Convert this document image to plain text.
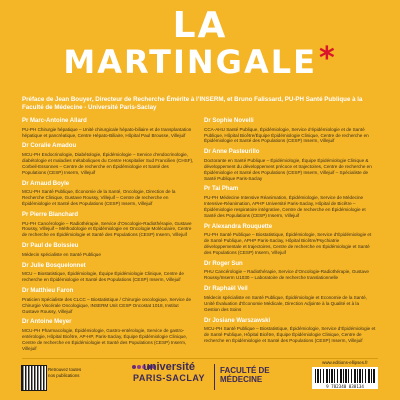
LA
MARTINGALE*
Préface de Jean Bouyer, Directeur de Recherche Émérite à l’INSERM, et Bruno Falissard, PU-PH Santé Publique à la Faculté de Médecine - Université Paris-Saclay
Pr Marc-Antoine Allard
PU-PH Chirurgie hépatique – Unité chirurgicale hépato-biliaire et de transplantation hépatique et pancréatique, Centre Hépato-Biliaire, Hôpital Paul Brousse, Villejuif
Dr Coralie Amadou
MCU-PH Endocrinologie, Diabétologie, Épidémiologie – Service d’endocrinologie, diabétologie et maladies métaboliques du Centre Hospitalier Sud Francilien (CHSF), Corbeil-Essonnes – Centre de recherche en Épidémiologie et Santé des Populations (CESP) Inserm, Villejuif
Dr Arnaud Boyle
MCU-PH Santé Publique, Économie de la Santé, Oncologie, Direction de la Recherche Clinique, Gustave Roussy, Villejuif – Centre de recherche en Épidémiologie et Santé des Populations (CESP) Inserm, Villejuif
Pr Pierre Blanchard
PU-PH Cancérologie – Radiothérapie, Service d’Oncologie-Radiothérapie, Gustave Roussy, Villejuif – Méthodologie et Épidémiologie en Oncologie Moléculaire, Centre de recherche en Épidémiologie et Santé des Populations (CESP) Inserm, Villejuif
Dr Paul de Boissieu
Médecin spécialiste en Santé Publique
Dr Julie Bosquelonnet
MCU – Biostatistique, Épidémiologie, Équipe Épidémiologie Clinique, Centre de recherche en Épidémiologie et Santé des Populations (CESP) Inserm, Villejuif
Dr Matthieu Faron
Praticien Spécialiste des CLCC – Biostatistique / Chirurgie oncologique, Service de Chirurgie Viscérale Oncologique, INSERM Unit CESP Oncostat 1018, Institut Gustave Roussy, Villejuif
Dr Antoine Meyer
MCU-PH Pharmacologie, Épidémiologie, Gastro-entérologie, Service de gastro-entérologie, Hôpital Bicêtre, AP-HP, Paris-Saclay, Équipe Épidémiologie Clinique, Centre de recherche en Épidémiologie et Santé des Populations (CESP) Inserm, Villejuif
Dr Sophie Novelli
CCA-AHU Santé Publique, Épidémiologie, Service d’épidémiologie et de Santé Publique, Hôpital Bicêtre/Équipe Épidémiologie Clinique, Centre de recherche en Épidémiologie et Santé des Populations (CESP) Inserm, Villejuif
Dr Anne Pasteurillo
Doctorante en Santé Publique – Épidémiologie, Équipe Épidémiologie Clinique & développement du développement précoce et trajectoires, Centre de recherche en Épidémiologie et Santé des Populations (CESP) Inserm, Villejuif – Spécialiste de Santé Publique Paris-Saclay
Pr Tai Pham
PU-PH Médecine Intensive Réanimation, Épidémiologie, Service de Médecine Intensive-Réanimation, APHP Université Paris-Saclay, Hôpital de Bicêtre – Épidémiologie respiratoire intégrative, Centre de recherche en Épidémiologie et Santé des Populations (CESP) Inserm, Villejuif
Pr Alexandra Rouquette
PU-PH Santé Publique – Biostatistique, Épidémiologie, Service d’Épidémiologie et de Santé Publique, APHP Paris-Saclay, Hôpital Bicêtre/Psychiatrie développementale et trajectoires, Centre de recherche en Épidémiologie et Santé des Populations (CESP) Inserm, Villejuif
Dr Roger Sun
PHU Cancérologie – Radiothérapie, Service d’Oncologie-Radiothérapie, Gustave Roussy/Inserm U1030 – Laboratoire de recherche translationnelle
Dr Raphaël Veil
Médecin spécialiste en Santé Publique, Épidémiologie et Economie de la Santé, Unité Évaluation d’Économie Médicale, Direction Adjointe à la Qualité et à la Gestion des Soins
Dr Josiane Warszawski
MCU-PH Santé Publique – Biostatistique, Épidémiologie, Service d’Épidémiologie et de Santé Publique, Hôpital Bicêtre, Équipe Épidémiologie Clinique, Centre de recherche en Épidémiologie et Santé des Populations (CESP) Inserm, Villejuif
Retrouvez toutes nos publications
université
PARIS-SACLAY
FACULTÉ DE
MÉDECINE
www.editions-ellipses.fr
9 782340 038134
